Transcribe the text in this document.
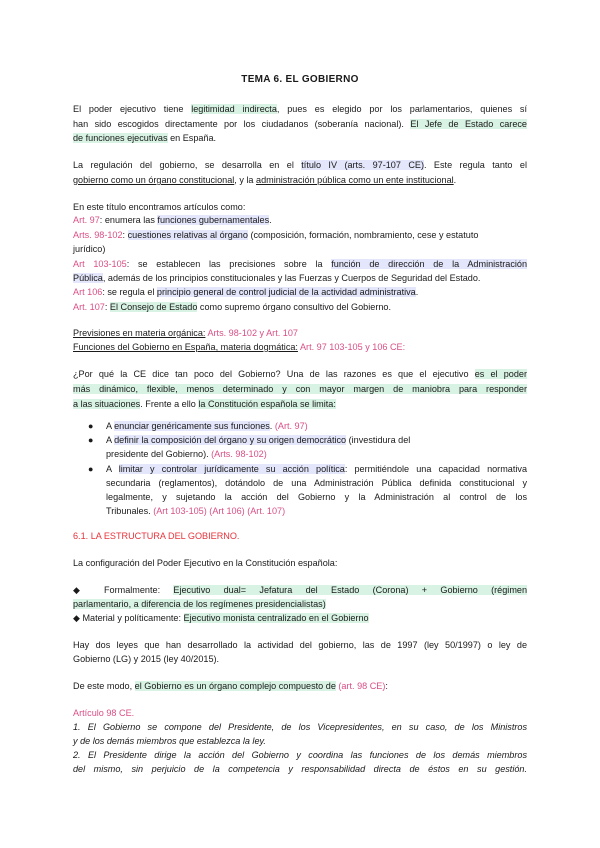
TEMA 6. EL GOBIERNO
El poder ejecutivo tiene legitimidad indirecta, pues es elegido por los parlamentarios, quienes sí
han sido escogidos directamente por los ciudadanos (soberanía nacional). El Jefe de Estado carece
de funciones ejecutivas en España.
La regulación del gobierno, se desarrolla en el título IV (arts. 97-107 CE). Este regula tanto el
gobierno como un órgano constitucional, y la administración pública como un ente institucional.
En este título encontramos artículos como:
Art. 97: enumera las funciones gubernamentales.
Arts. 98-102: cuestiones relativas al órgano (composición, formación, nombramiento, cese y estatuto
jurídico)
Art 103-105: se establecen las precisiones sobre la función de dirección de la Administración
Pública, además de los principios constitucionales y las Fuerzas y Cuerpos de Seguridad del Estado.
Art 106: se regula el principio general de control judicial de la actividad administrativa.
Art. 107: El Consejo de Estado como supremo órgano consultivo del Gobierno.
Previsiones en materia orgánica: Arts. 98-102 y Art. 107
Funciones del Gobierno en España, materia dogmática: Art. 97 103-105 y 106 CE:
¿Por qué la CE dice tan poco del Gobierno? Una de las razones es que el ejecutivo es el poder
más dinámico, flexible, menos determinado y con mayor margen de maniobra para responder
a las situaciones. Frente a ello la Constitución española se limita:
● A enunciar genéricamente sus funciones. (Art. 97)
● A definir la composición del órgano y su origen democrático (investidura del
presidente del Gobierno). (Arts. 98-102)
● A limitar y controlar jurídicamente su acción política: permitiéndole una capacidad normativa
secundaria (reglamentos), dotándolo de una Administración Pública definida constitucional y
legalmente, y sujetando la acción del Gobierno y la Administración al control de los
Tribunales. (Art 103-105) (Art 106) (Art. 107)
6.1. LA ESTRUCTURA DEL GOBIERNO.
La configuración del Poder Ejecutivo en la Constitución española:
◆ Formalmente: Ejecutivo dual= Jefatura del Estado (Corona) + Gobierno (régimen
parlamentario, a diferencia de los regímenes presidencialistas)
◆ Material y políticamente: Ejecutivo monista centralizado en el Gobierno
Hay dos leyes que han desarrollado la actividad del gobierno, las de 1997 (ley 50/1997) o ley de
Gobierno (LG) y 2015 (ley 40/2015).
De este modo, el Gobierno es un órgano complejo compuesto de (art. 98 CE):
Artículo 98 CE.
1. El Gobierno se compone del Presidente, de los Vicepresidentes, en su caso, de los Ministros
y de los demás miembros que establezca la ley.
2. El Presidente dirige la acción del Gobierno y coordina las funciones de los demás miembros
del mismo, sin perjuicio de la competencia y responsabilidad directa de éstos en su gestión.
